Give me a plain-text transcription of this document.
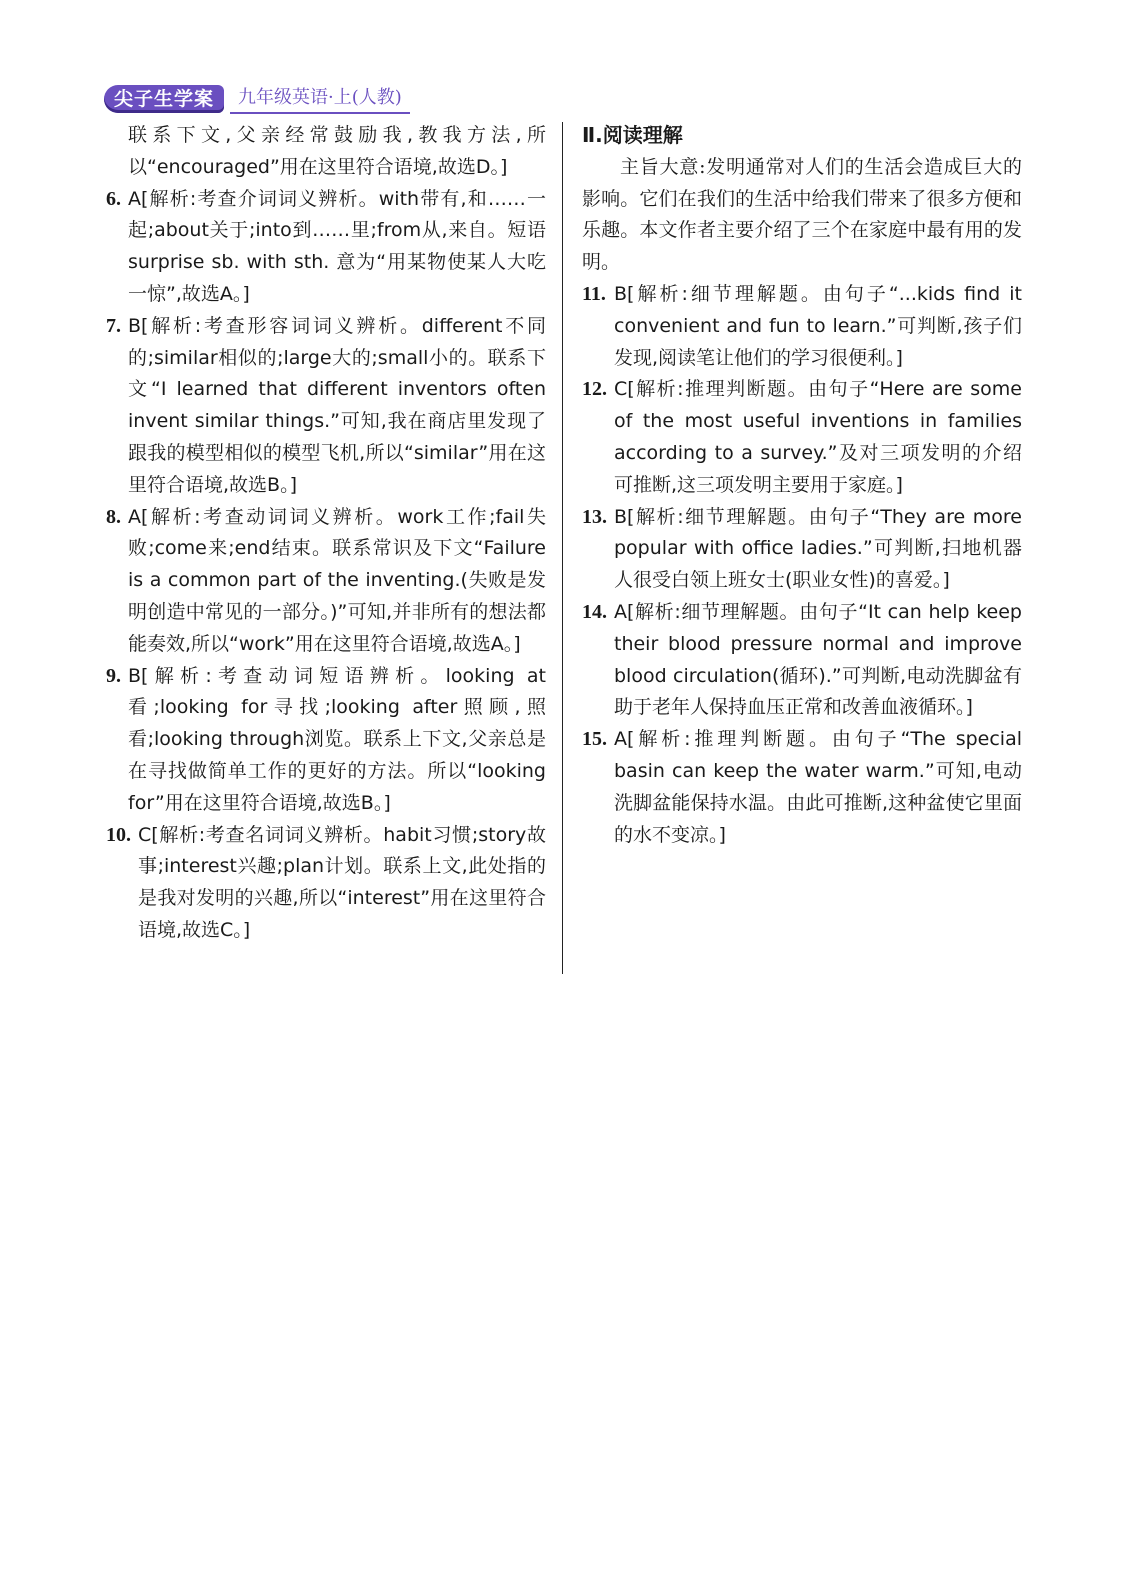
尖子生学案	九年级英语·上(人教)

联系下文,父亲经常鼓励我,教我方法,所以“encouraged”用在这里符合语境,故选D。]

6. A[解析:考查介词词义辨析。with带有,和……一起;about关于;into到……里;from从,来自。短语surprise sb. with sth. 意为“用某物使某人大吃一惊”,故选A。]
7. B[解析:考查形容词词义辨析。different不同的;similar相似的;large大的;small小的。联系下文“I learned that different inventors often invent similar things.”可知,我在商店里发现了跟我的模型相似的模型飞机,所以“similar”用在这里符合语境,故选B。]
8. A[解析:考查动词词义辨析。work工作;fail失败;come来;end结束。联系常识及下文“Failure is a common part of the inventing.(失败是发明创造中常见的一部分。)”可知,并非所有的想法都能奏效,所以“work”用在这里符合语境,故选A。]
9. B[解析:考查动词短语辨析。looking at看;looking for寻找;looking after照顾,照看;looking through浏览。联系上下文,父亲总是在寻找做简单工作的更好的方法。所以“looking for”用在这里符合语境,故选B。]
10. C[解析:考查名词词义辨析。habit习惯;story故事;interest兴趣;plan计划。联系上文,此处指的是我对发明的兴趣,所以“interest”用在这里符合语境,故选C。]

Ⅱ.阅读理解

主旨大意:发明通常对人们的生活会造成巨大的影响。它们在我们的生活中给我们带来了很多方便和乐趣。本文作者主要介绍了三个在家庭中最有用的发明。

11. B[解析:细节理解题。由句子“...kids find it convenient and fun to learn.”可判断,孩子们发现,阅读笔让他们的学习很便利。]
12. C[解析:推理判断题。由句子“Here are some of the most useful inventions in families according to a survey.”及对三项发明的介绍可推断,这三项发明主要用于家庭。]
13. B[解析:细节理解题。由句子“They are more popular with office ladies.”可判断,扫地机器人很受白领上班女士(职业女性)的喜爱。]
14. A[解析:细节理解题。由句子“It can help keep their blood pressure normal and improve blood circulation(循环).”可判断,电动洗脚盆有助于老年人保持血压正常和改善血液循环。]
15. A[解析:推理判断题。由句子“The special basin can keep the water warm.”可知,电动洗脚盆能保持水温。由此可推断,这种盆使它里面的水不变凉。]
